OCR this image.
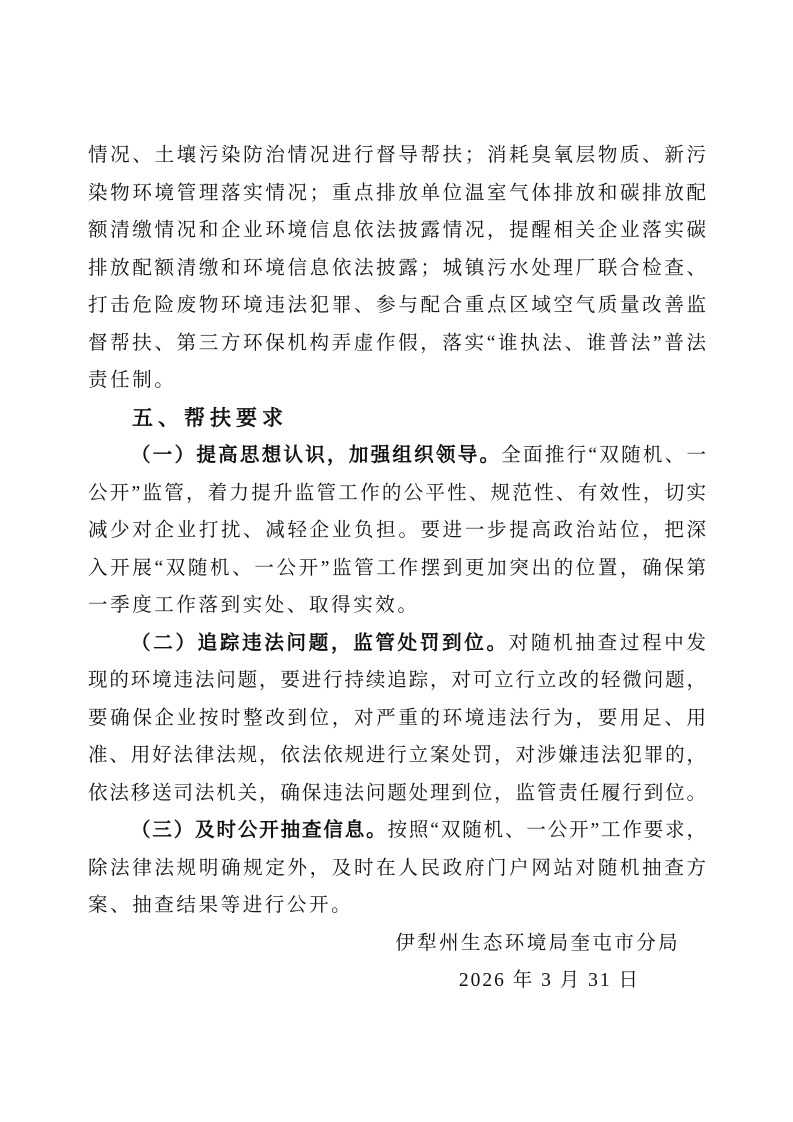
情况、土壤污染防治情况进行督导帮扶；消耗臭氧层物质、新污
染物环境管理落实情况；重点排放单位温室气体排放和碳排放配
额清缴情况和企业环境信息依法披露情况，提醒相关企业落实碳
排放配额清缴和环境信息依法披露；城镇污水处理厂联合检查、
打击危险废物环境违法犯罪、参与配合重点区域空气质量改善监
督帮扶、第三方环保机构弄虚作假，落实“谁执法、谁普法”普法
责任制。
五、帮扶要求
（一）提高思想认识，加强组织领导。全面推行“双随机、一
公开”监管，着力提升监管工作的公平性、规范性、有效性，切实
减少对企业打扰、减轻企业负担。要进一步提高政治站位，把深
入开展“双随机、一公开”监管工作摆到更加突出的位置，确保第
一季度工作落到实处、取得实效。
（二）追踪违法问题，监管处罚到位。对随机抽查过程中发
现的环境违法问题，要进行持续追踪，对可立行立改的轻微问题，
要确保企业按时整改到位，对严重的环境违法行为，要用足、用
准、用好法律法规，依法依规进行立案处罚，对涉嫌违法犯罪的，
依法移送司法机关，确保违法问题处理到位，监管责任履行到位。
（三）及时公开抽查信息。按照“双随机、一公开”工作要求，
除法律法规明确规定外，及时在人民政府门户网站对随机抽查方
案、抽查结果等进行公开。
伊犁州生态环境局奎屯市分局
2026 年 3 月 31 日
